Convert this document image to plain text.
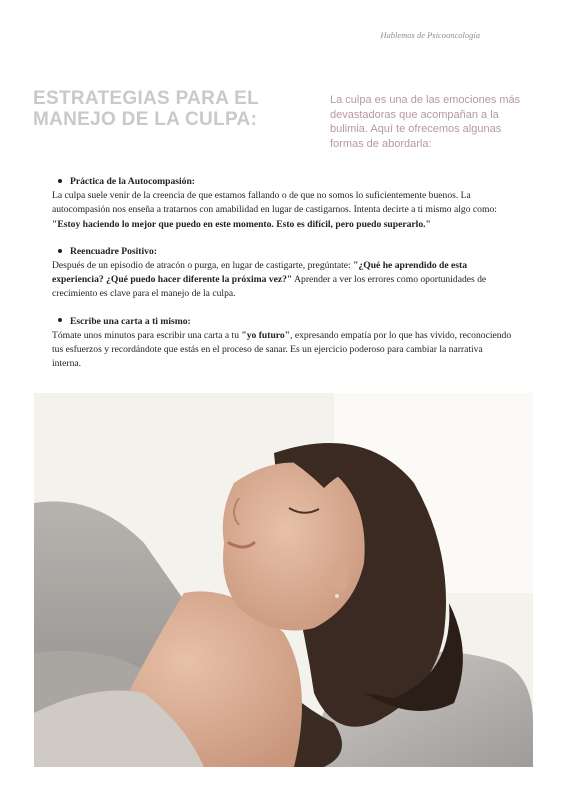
Hablemos de Psicooncología
ESTRATEGIAS PARA EL
MANEJO DE LA CULPA:
La culpa es una de las emociones más devastadoras que acompañan a la bulimia. Aquí te ofrecemos algunas formas de abordarla:
Práctica de la Autocompasión:
La culpa suele venir de la creencia de que estamos fallando o de que no somos lo suficientemente buenos. La autocompasión nos enseña a tratarnos con amabilidad en lugar de castigarnos. Intenta decirte a ti mismo algo como: "Estoy haciendo lo mejor que puedo en este momento. Esto es difícil, pero puedo superarlo."
Reencuadre Positivo:
Después de un episodio de atracón o purga, en lugar de castigarte, pregúntate: "¿Qué he aprendido de esta experiencia? ¿Qué puedo hacer diferente la próxima vez?" Aprender a ver los errores como oportunidades de crecimiento es clave para el manejo de la culpa.
Escribe una carta a ti mismo:
Tómate unos minutos para escribir una carta a tu "yo futuro", expresando empatía por lo que has vivido, reconociendo tus esfuerzos y recordándote que estás en el proceso de sanar. Es un ejercicio poderoso para cambiar la narrativa interna.
